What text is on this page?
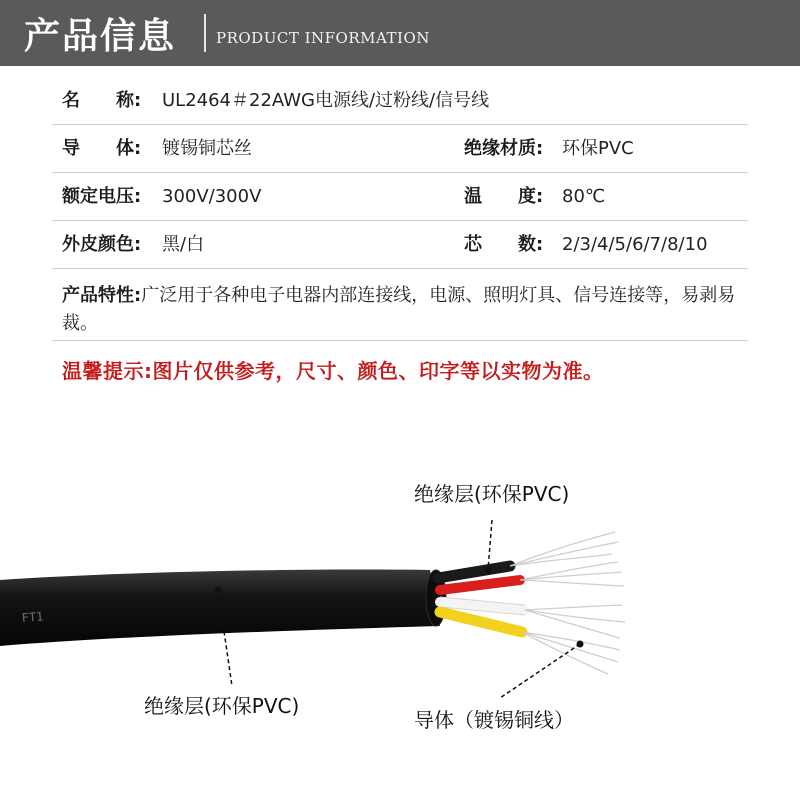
产品信息	PRODUCT INFORMATION
名　　称: UL2464＃22AWG电源线/过粉线/信号线
导　　体: 镀锡铜芯丝	绝缘材质: 环保PVC
额定电压: 300V/300V	温　　度: 80℃
外皮颜色: 黑/白	芯　　数: 2/3/4/5/6/7/8/10
产品特性:广泛用于各种电子电器内部连接线，电源、照明灯具、信号连接等，易剥易裁。
温馨提示:图片仅供参考，尺寸、颜色、印字等以实物为准。
FT1
绝缘层(环保PVC)
绝缘层(环保PVC)
导体（镀锡铜线）
